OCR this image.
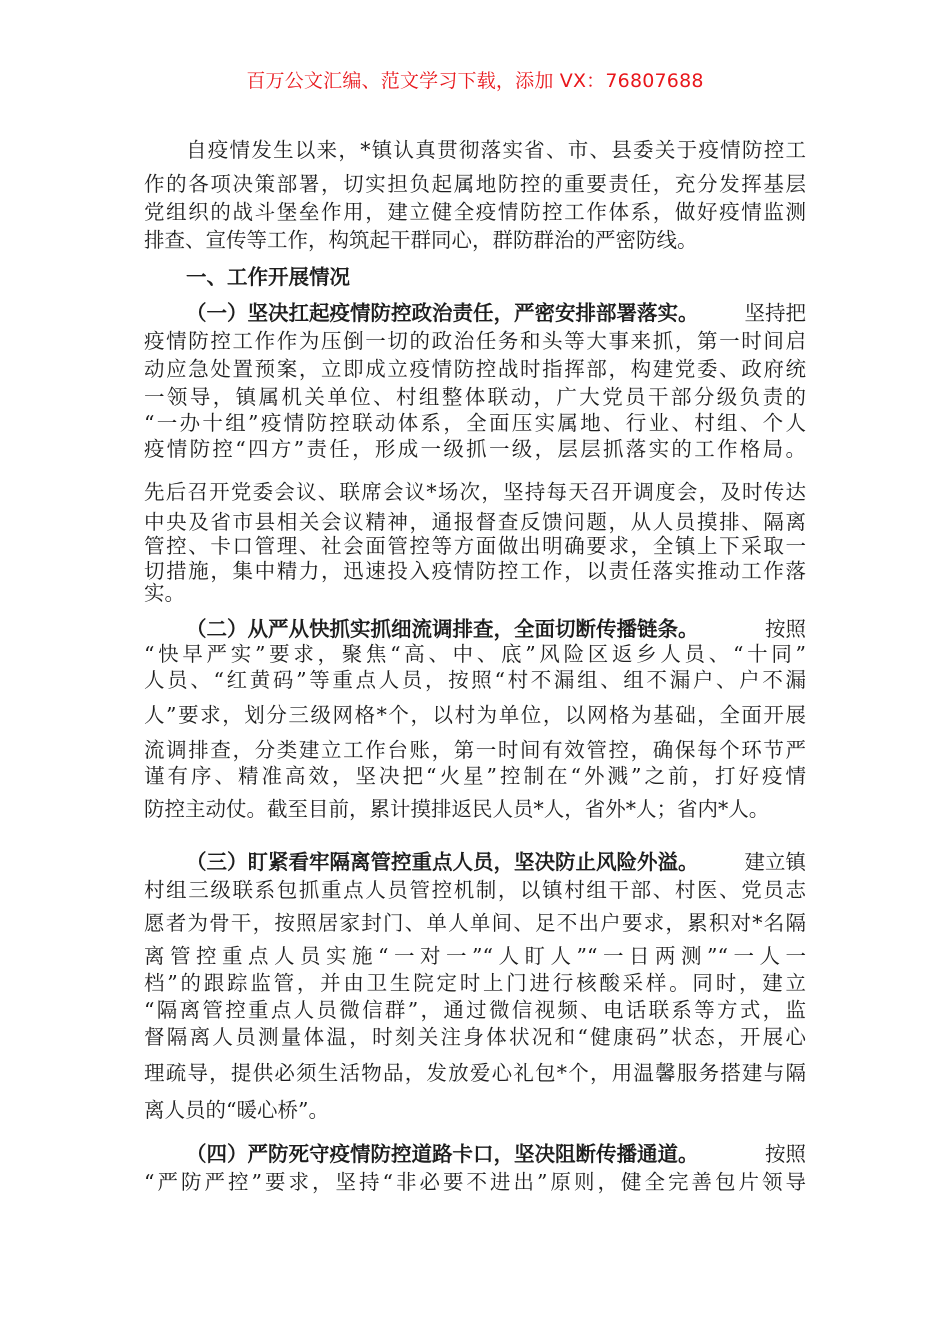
百万公文汇编、范文学习下载，添加 VX：76807688
自疫情发生以来，*镇认真贯彻落实省、市、县委关于疫情防控工
作的各项决策部署，切实担负起属地防控的重要责任，充分发挥基层
党组织的战斗堡垒作用，建立健全疫情防控工作体系，做好疫情监测
排查、宣传等工作，构筑起干群同心，群防群治的严密防线。
一、工作开展情况
（一）坚决扛起疫情防控政治责任，严密安排部署落实。 坚持把
疫情防控工作作为压倒一切的政治任务和头等大事来抓，第一时间启
动应急处置预案，立即成立疫情防控战时指挥部，构建党委、政府统
一领导，镇属机关单位、村组整体联动，广大党员干部分级负责的
“一办十组”疫情防控联动体系，全面压实属地、行业、村组、个人
疫情防控“四方”责任，形成一级抓一级，层层抓落实的工作格局。
先后召开党委会议、联席会议*场次，坚持每天召开调度会，及时传达
中央及省市县相关会议精神，通报督查反馈问题，从人员摸排、隔离
管控、卡口管理、社会面管控等方面做出明确要求，全镇上下采取一
切措施，集中精力，迅速投入疫情防控工作，以责任落实推动工作落
实。
（二）从严从快抓实抓细流调排查，全面切断传播链条。	按照
“快早严实”要求，聚焦“高、中、底”风险区返乡人员、“十同”
人员、“红黄码”等重点人员，按照“村不漏组、组不漏户、户不漏
人”要求，划分三级网格*个，以村为单位，以网格为基础，全面开展
流调排查，分类建立工作台账，第一时间有效管控，确保每个环节严
谨有序、精准高效，坚决把“火星”控制在“外溅”之前，打好疫情
防控主动仗。截至目前，累计摸排返民人员*人，省外*人；省内*人。
（三）盯紧看牢隔离管控重点人员，坚决防止风险外溢。 建立镇
村组三级联系包抓重点人员管控机制，以镇村组干部、村医、党员志
愿者为骨干，按照居家封门、单人单间、足不出户要求，累积对*名隔
离管控重点人员实施“一对一”“人盯人”“一日两测”“一人一
档”的跟踪监管，并由卫生院定时上门进行核酸采样。同时，建立
“隔离管控重点人员微信群”，通过微信视频、电话联系等方式，监
督隔离人员测量体温，时刻关注身体状况和“健康码”状态，开展心
理疏导，提供必须生活物品，发放爱心礼包*个，用温馨服务搭建与隔
离人员的“暖心桥”。
（四）严防死守疫情防控道路卡口，坚决阻断传播通道。	按照
“严防严控”要求，坚持“非必要不进出”原则，健全完善包片领导
